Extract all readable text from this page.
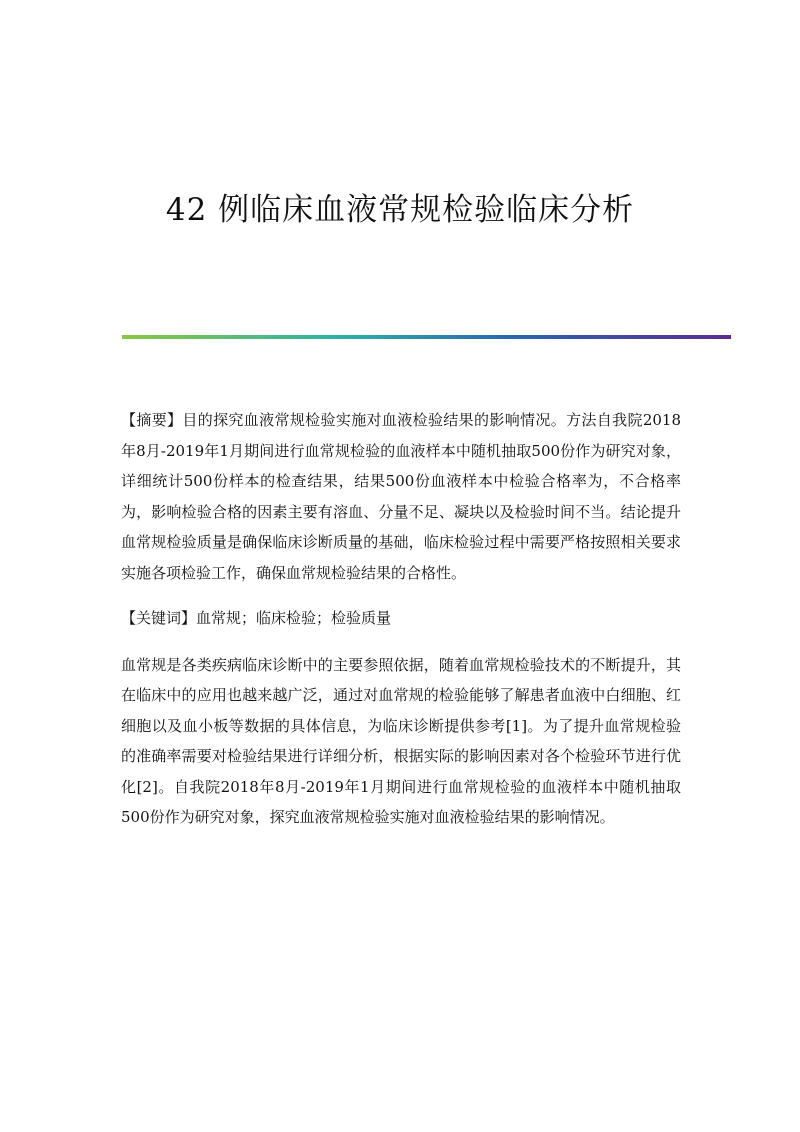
42 例临床血液常规检验临床分析

【摘要】目的探究血液常规检验实施对血液检验结果的影响情况。方法自我院2018年8月-2019年1月期间进行血常规检验的血液样本中随机抽取500份作为研究对象，详细统计500份样本的检查结果，结果500份血液样本中检验合格率为，不合格率为，影响检验合格的因素主要有溶血、分量不足、凝块以及检验时间不当。结论提升血常规检验质量是确保临床诊断质量的基础，临床检验过程中需要严格按照相关要求实施各项检验工作，确保血常规检验结果的合格性。

【关键词】血常规；临床检验；检验质量

血常规是各类疾病临床诊断中的主要参照依据，随着血常规检验技术的不断提升，其在临床中的应用也越来越广泛，通过对血常规的检验能够了解患者血液中白细胞、红细胞以及血小板等数据的具体信息，为临床诊断提供参考[1]。为了提升血常规检验的准确率需要对检验结果进行详细分析，根据实际的影响因素对各个检验环节进行优化[2]。自我院2018年8月-2019年1月期间进行血常规检验的血液样本中随机抽取500份作为研究对象，探究血液常规检验实施对血液检验结果的影响情况。
